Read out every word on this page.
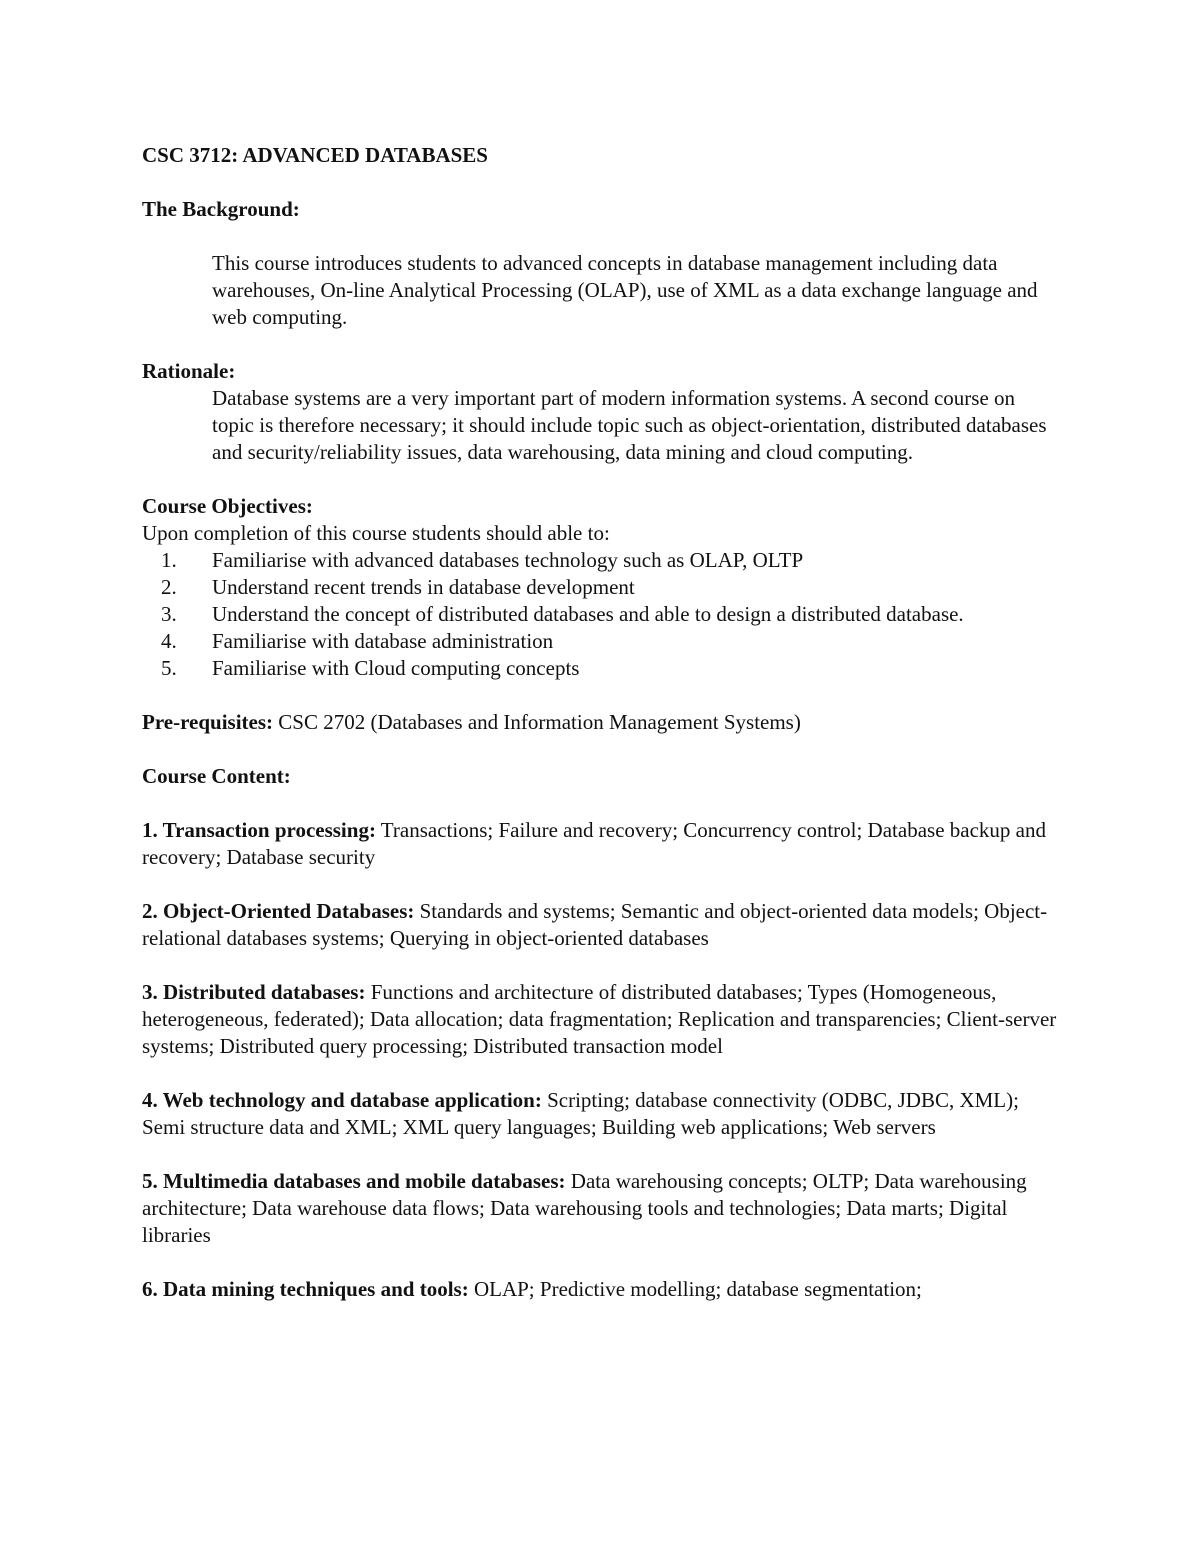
CSC 3712: ADVANCED DATABASES

The Background:

This course introduces students to advanced concepts in database management including data warehouses, On-line Analytical Processing (OLAP), use of XML as a data exchange language and web computing.

Rationale:

Database systems are a very important part of modern information systems. A second course on topic is therefore necessary; it should include topic such as object-orientation, distributed databases and security/reliability issues, data warehousing, data mining and cloud computing.

Course Objectives:

Upon completion of this course students should able to:

1.	Familiarise with advanced databases technology such as OLAP, OLTP
2.	Understand recent trends in database development
3.	Understand the concept of distributed databases and able to design a distributed database.
4.	Familiarise with database administration
5.	Familiarise with Cloud computing concepts

Pre-requisites: CSC 2702 (Databases and Information Management Systems)

Course Content:

1. Transaction processing: Transactions; Failure and recovery; Concurrency control; Database backup and recovery; Database security

2. Object-Oriented Databases: Standards and systems; Semantic and object-oriented data models; Object-relational databases systems; Querying in object-oriented databases

3. Distributed databases: Functions and architecture of distributed databases; Types (Homogeneous, heterogeneous, federated); Data allocation; data fragmentation; Replication and transparencies; Client-server systems; Distributed query processing; Distributed transaction model

4. Web technology and database application: Scripting; database connectivity (ODBC, JDBC, XML); Semi structure data and XML; XML query languages; Building web applications; Web servers

5. Multimedia databases and mobile databases: Data warehousing concepts; OLTP; Data warehousing architecture; Data warehouse data flows; Data warehousing tools and technologies; Data marts; Digital libraries

6. Data mining techniques and tools: OLAP; Predictive modelling; database segmentation;
